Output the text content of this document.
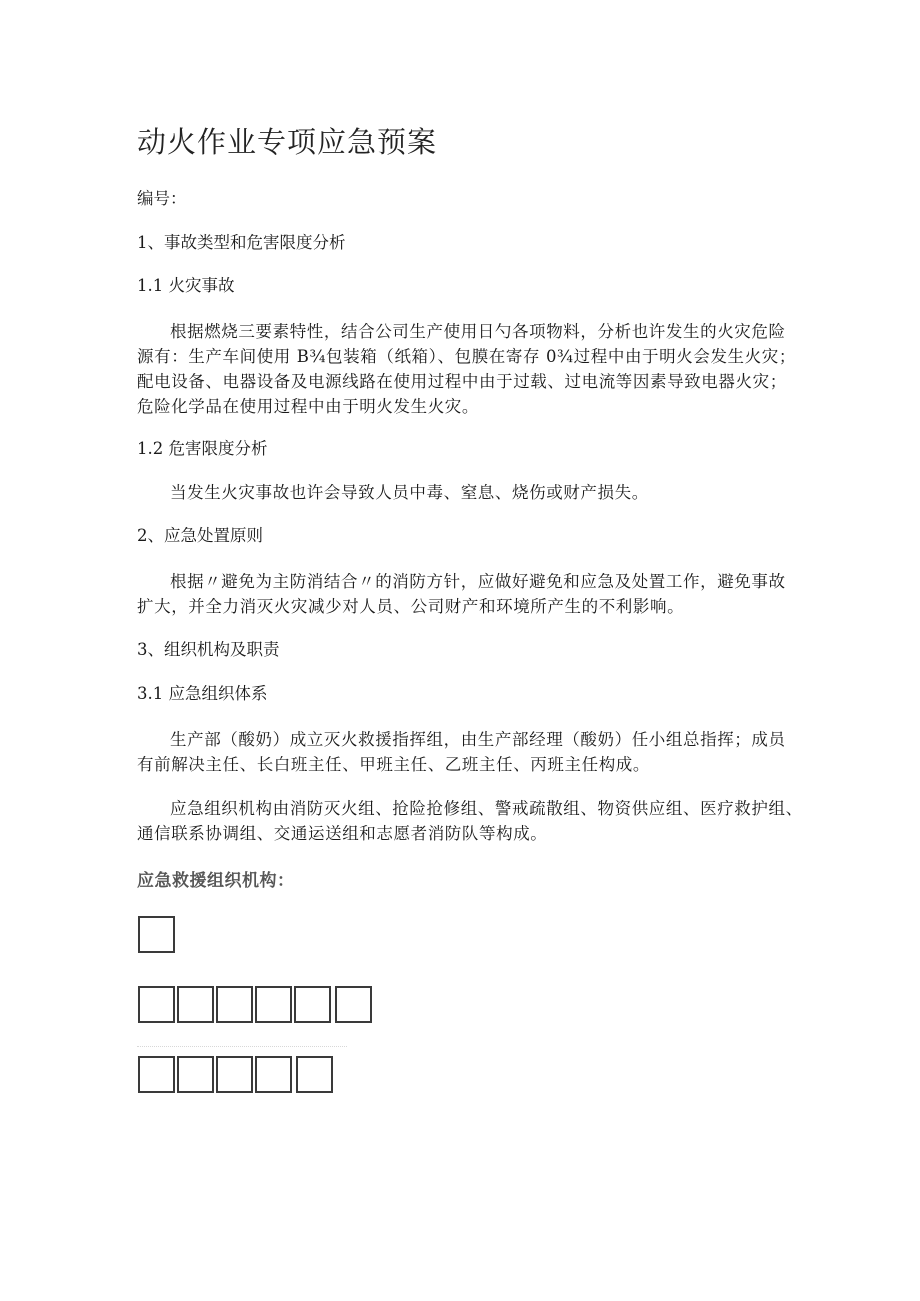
动火作业专项应急预案
编号：
1、事故类型和危害限度分析
1.1 火灾事故
根据燃烧三要素特性，结合公司生产使用日勺各项物料，分析也许发生的火灾危险
源有：生产车间使用 B¾包装箱（纸箱）、包膜在寄存 0¾过程中由于明火会发生火灾；
配电设备、电器设备及电源线路在使用过程中由于过载、过电流等因素导致电器火灾；
危险化学品在使用过程中由于明火发生火灾。
1.2 危害限度分析
当发生火灾事故也许会导致人员中毒、窒息、烧伤或财产损失。
2、应急处置原则
根据〃避免为主防消结合〃的消防方针，应做好避免和应急及处置工作，避免事故
扩大，并全力消灭火灾减少对人员、公司财产和环境所产生的不利影响。
3、组织机构及职责
3.1 应急组织体系
生产部（酸奶）成立灭火救援指挥组，由生产部经理（酸奶）任小组总指挥；成员
有前解决主任、长白班主任、甲班主任、乙班主任、丙班主任构成。
应急组织机构由消防灭火组、抢险抢修组、警戒疏散组、物资供应组、医疗救护组、
通信联系协调组、交通运送组和志愿者消防队等构成。
应急救援组织机构：
